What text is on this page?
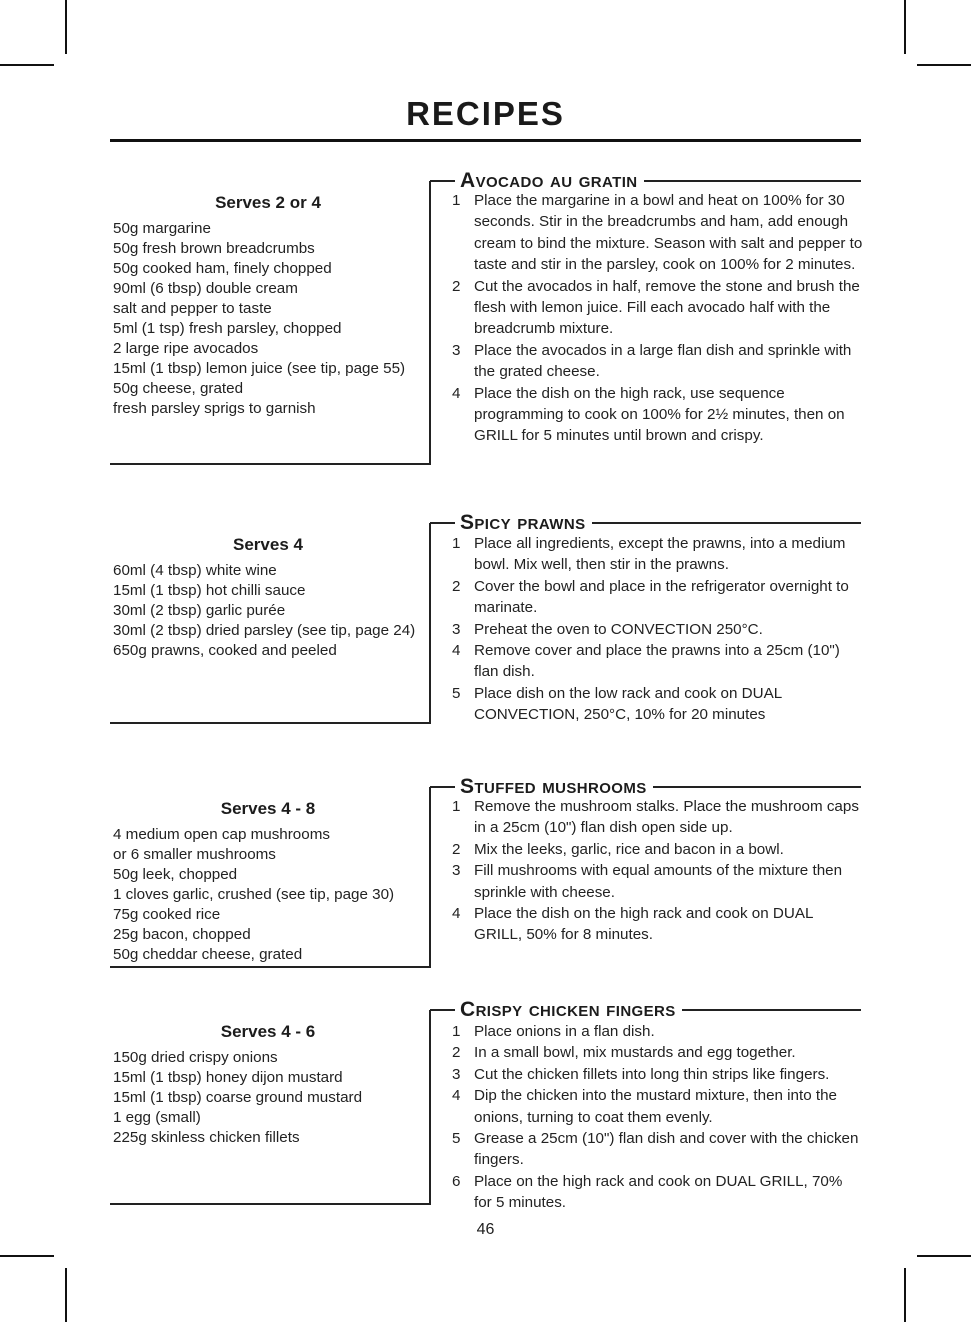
RECIPES
Serves 2 or 4
50g margarine
50g fresh brown breadcrumbs
50g cooked ham, finely chopped
90ml (6 tbsp) double cream
salt and pepper to taste
5ml (1 tsp) fresh parsley, chopped
2 large ripe avocados
15ml (1 tbsp) lemon juice (see tip, page 55)
50g cheese, grated
fresh parsley sprigs to garnish
Avocado au gratin
Place the margarine in a bowl and heat on 100% for 30 seconds. Stir in the breadcrumbs and ham, add enough cream to bind the mixture. Season with salt and pepper to taste and stir in the parsley, cook on 100% for 2 minutes.
Cut the avocados in half, remove the stone and brush the flesh with lemon juice. Fill each avocado half with the breadcrumb mixture.
Place the avocados in a large flan dish and sprinkle with the grated cheese.
Place the dish on the high rack, use sequence programming to cook on 100% for 2½ minutes, then on GRILL for 5 minutes until brown and crispy.
Serves 4
60ml (4 tbsp) white wine
15ml (1 tbsp) hot chilli sauce
30ml (2 tbsp) garlic purée
30ml (2 tbsp) dried parsley (see tip, page 24)
650g prawns, cooked and peeled
Spicy prawns
Place all ingredients, except the prawns, into a medium bowl. Mix well, then stir in the prawns.
Cover the bowl and place in the refrigerator overnight to marinate.
Preheat the oven to CONVECTION 250°C.
Remove cover and place the prawns into a 25cm (10") flan dish.
Place dish on the low rack and cook on DUAL CONVECTION, 250°C, 10% for 20 minutes
Serves 4 - 8
4 medium open cap mushrooms
or 6 smaller mushrooms
50g leek, chopped
1 cloves garlic, crushed (see tip, page 30)
75g cooked rice
25g bacon, chopped
50g cheddar cheese, grated
Stuffed mushrooms
Remove the mushroom stalks. Place the mushroom caps in a 25cm (10") flan dish open side up.
Mix the leeks, garlic, rice and bacon in a bowl.
Fill mushrooms with equal amounts of the mixture then sprinkle with cheese.
Place the dish on the high rack and cook on DUAL GRILL, 50% for 8 minutes.
Serves 4 - 6
150g dried crispy onions
15ml (1 tbsp) honey dijon mustard
15ml (1 tbsp) coarse ground mustard
1 egg (small)
225g skinless chicken fillets
Crispy chicken fingers
Place onions in a flan dish.
In a small bowl, mix mustards and egg together.
Cut the chicken fillets into long thin strips like fingers.
Dip the chicken into the mustard mixture, then into the onions, turning to coat them evenly.
Grease a 25cm (10") flan dish and cover with the chicken fingers.
Place on the high rack and cook on DUAL GRILL, 70% for 5 minutes.
46
